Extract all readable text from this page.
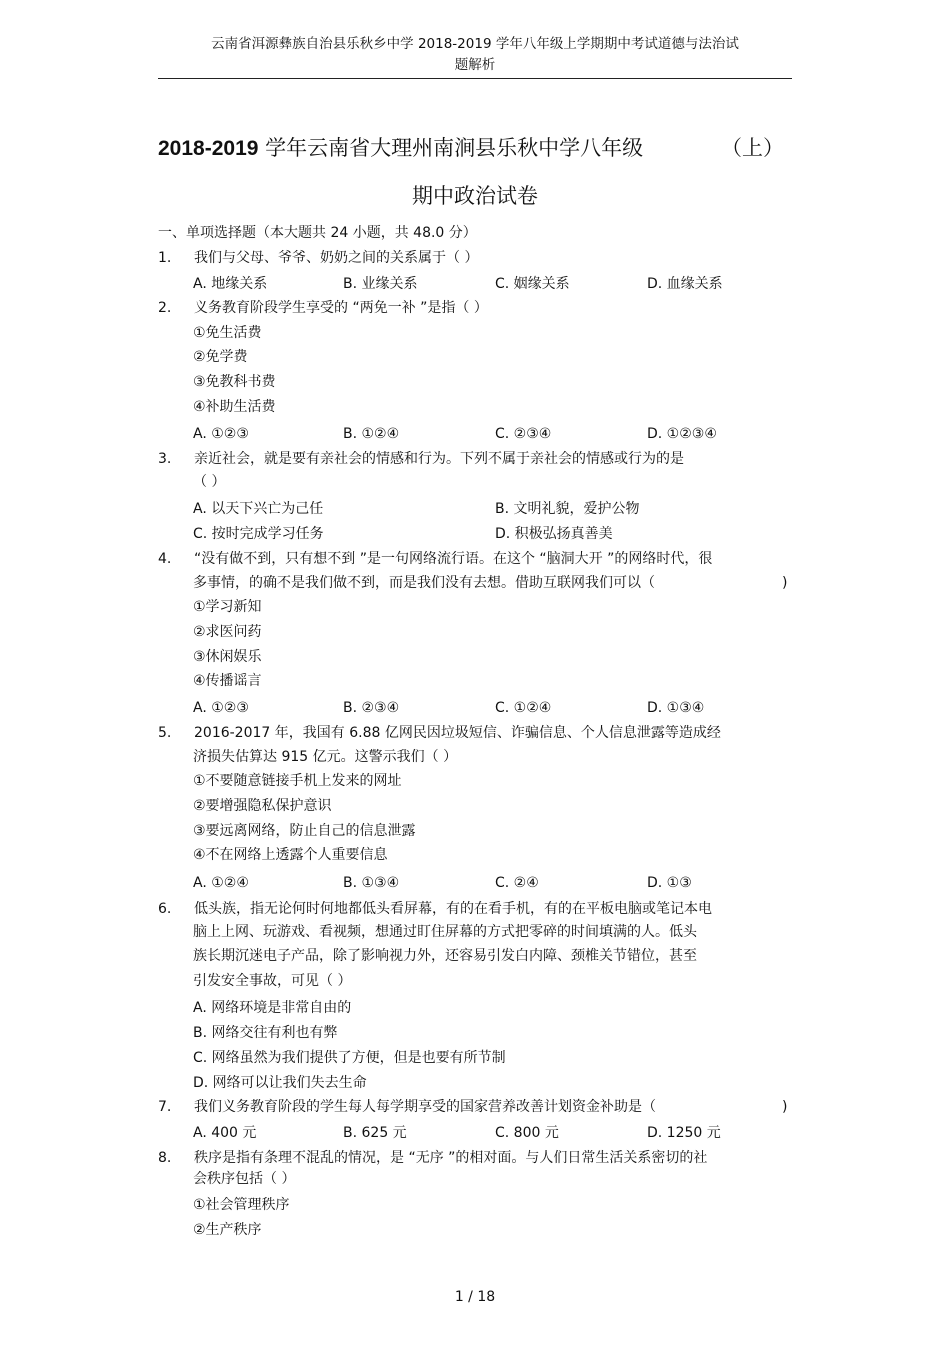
云南省洱源彝族自治县乐秋乡中学 2018-2019 学年八年级上学期期中考试道德与法治试
题解析
2018-2019 学年云南省大理州南涧县乐秋中学八年级	（上）
期中政治试卷
一、单项选择题（本大题共 24 小题，共 48.0 分）
1.	我们与父母、爷爷、奶奶之间的关系属于（ ）
A. 地缘关系	B. 业缘关系	C. 姻缘关系	D. 血缘关系
2.	义务教育阶段学生享受的 “两免一补 ”是指（ ）
①免生活费
②免学费
③免教科书费
④补助生活费
A. ①②③	B. ①②④	C. ②③④	D. ①②③④
3.	亲近社会，就是要有亲社会的情感和行为。下列不属于亲社会的情感或行为的是
（ ）
A. 以天下兴亡为己任	B. 文明礼貌，爱护公物
C. 按时完成学习任务	D. 积极弘扬真善美
4.	“没有做不到，只有想不到 ”是一句网络流行语。在这个 “脑洞大开 ”的网络时代，很
多事情，的确不是我们做不到，而是我们没有去想。借助互联网我们可以（	)
①学习新知
②求医问药
③休闲娱乐
④传播谣言
A. ①②③	B. ②③④	C. ①②④	D. ①③④
5.	2016-2017 年，我国有 6.88 亿网民因垃圾短信、诈骗信息、个人信息泄露等造成经
济损失估算达 915 亿元。这警示我们（ ）
①不要随意链接手机上发来的网址
②要增强隐私保护意识
③要远离网络，防止自己的信息泄露
④不在网络上透露个人重要信息
A. ①②④	B. ①③④	C. ②④	D. ①③
6.	低头族，指无论何时何地都低头看屏幕，有的在看手机，有的在平板电脑或笔记本电
脑上上网、玩游戏、看视频，想通过盯住屏幕的方式把零碎的时间填满的人。低头
族长期沉迷电子产品，除了影响视力外，还容易引发白内障、颈椎关节错位，甚至
引发安全事故，可见（ ）
A. 网络环境是非常自由的
B. 网络交往有利也有弊
C. 网络虽然为我们提供了方便，但是也要有所节制
D. 网络可以让我们失去生命
7.	我们义务教育阶段的学生每人每学期享受的国家营养改善计划资金补助是（	)
A. 400 元	B. 625 元	C. 800 元	D. 1250 元
8.	秩序是指有条理不混乱的情况，是 “无序 ”的相对面。与人们日常生活关系密切的社
会秩序包括（ ）
①社会管理秩序
②生产秩序
1 / 18
